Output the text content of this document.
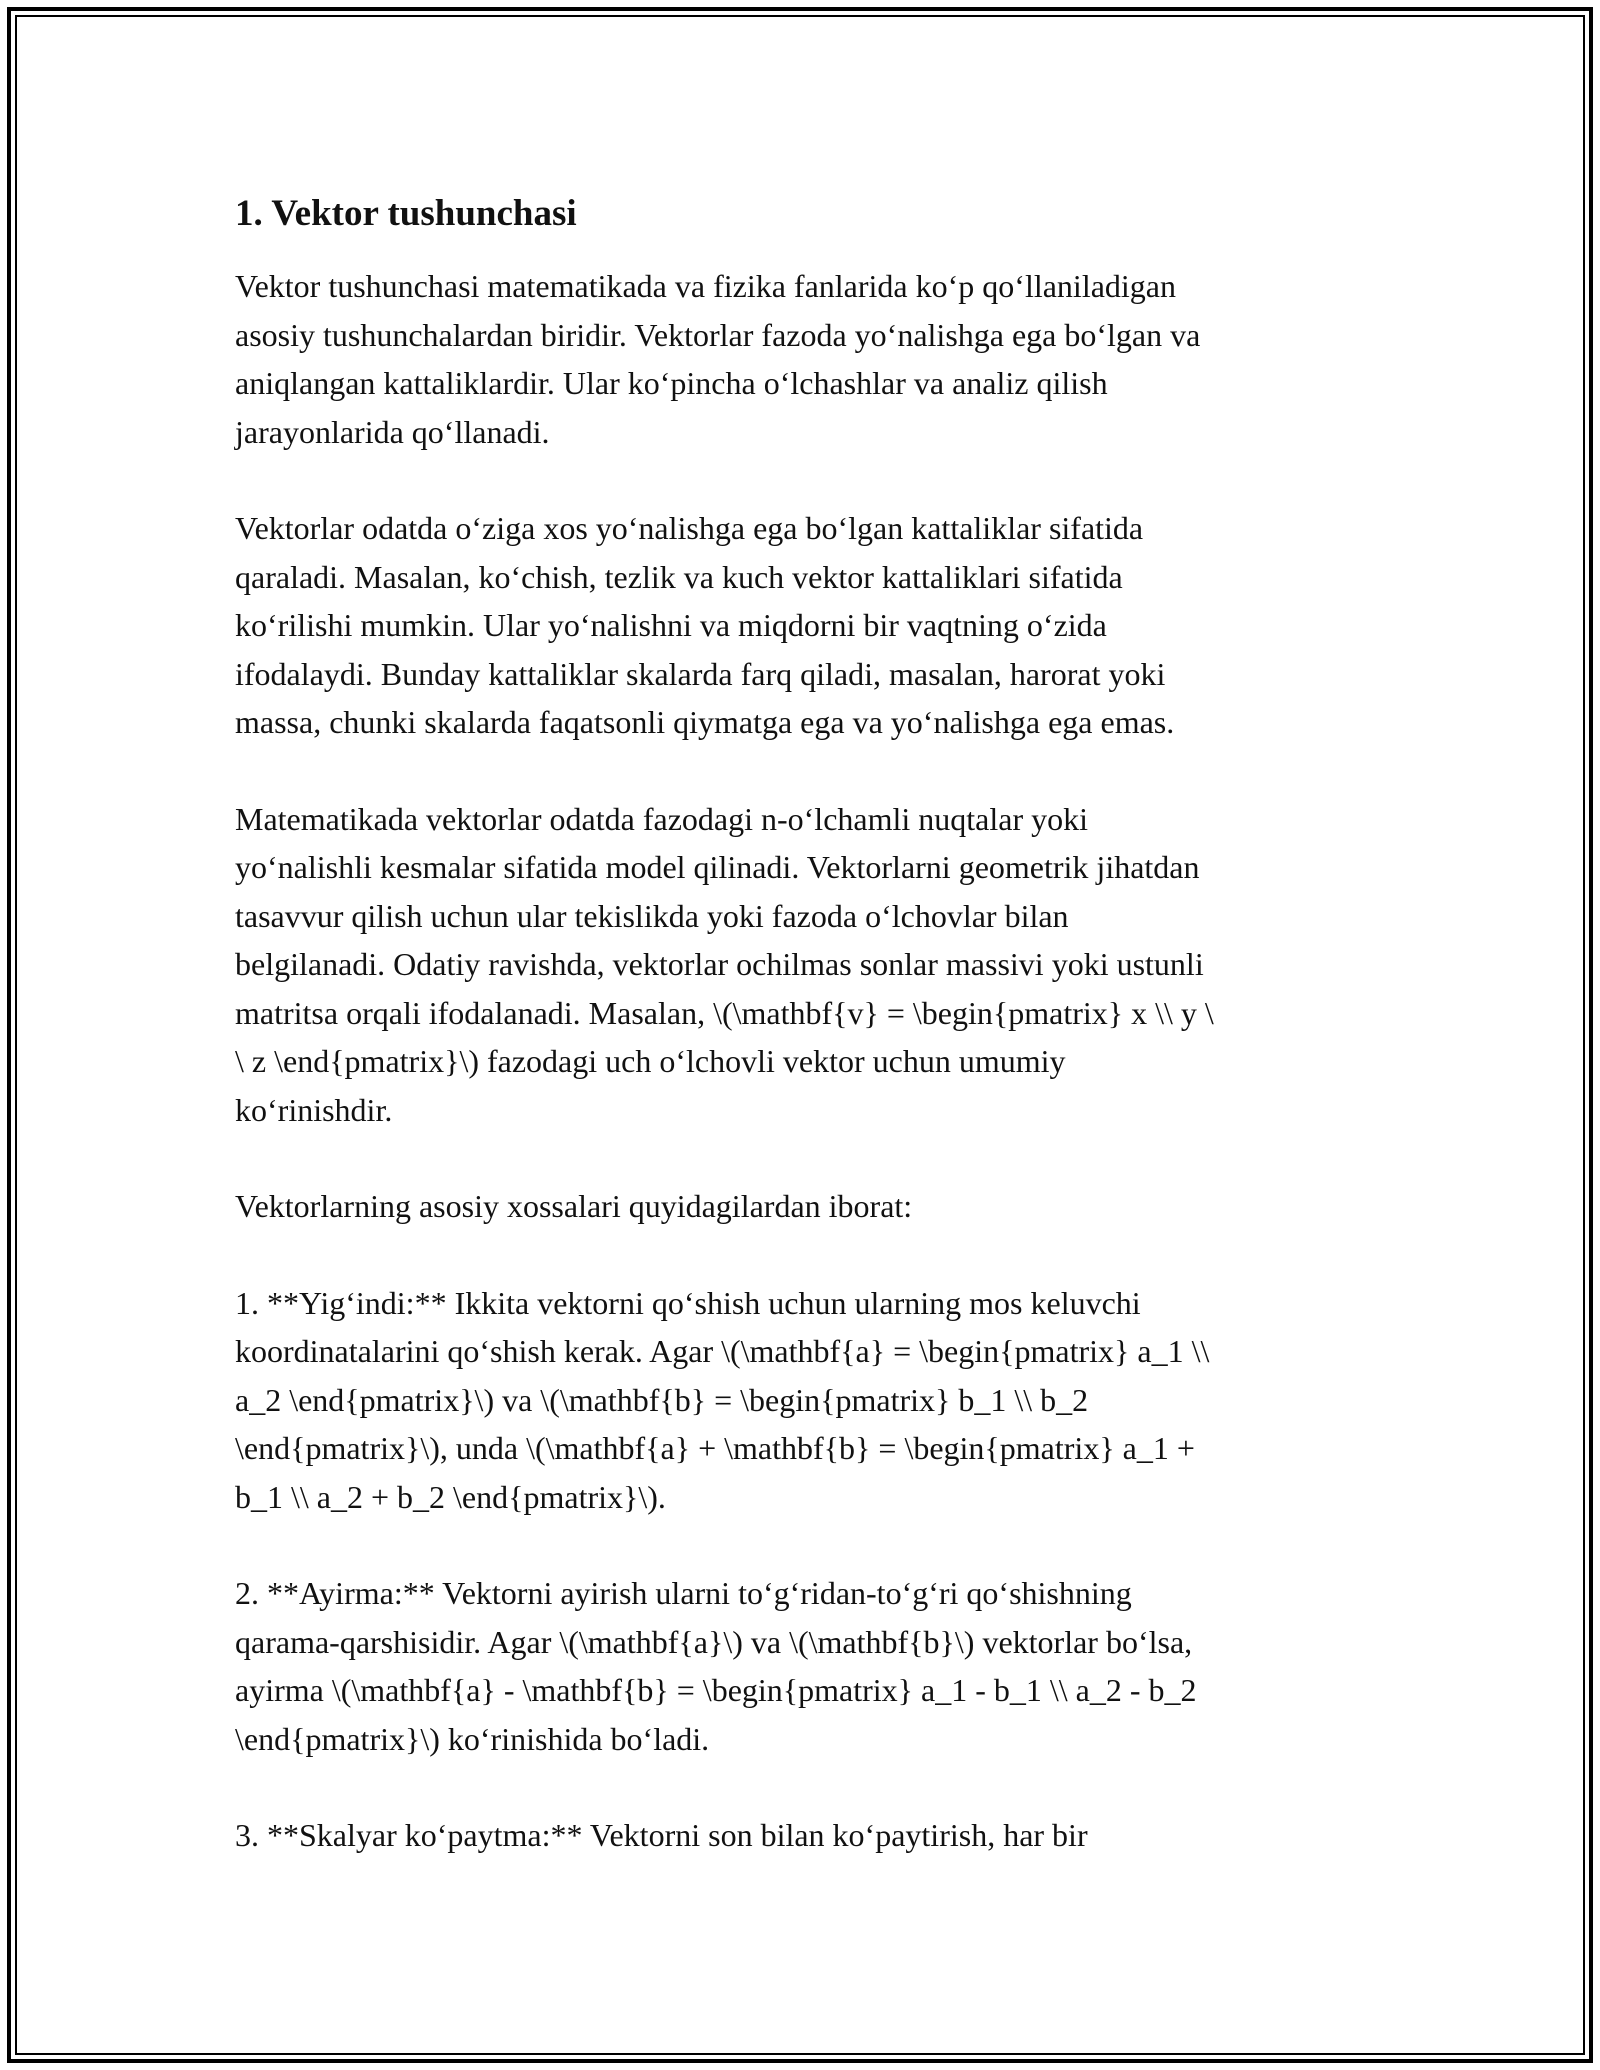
1. Vektor tushunchasi
Vektor tushunchasi matematikada va fizika fanlarida ko‘p qo‘llaniladigan
asosiy tushunchalardan biridir. Vektorlar fazoda yo‘nalishga ega bo‘lgan va
aniqlangan kattaliklardir. Ular ko‘pincha o‘lchashlar va analiz qilish
jarayonlarida qo‘llanadi.
Vektorlar odatda o‘ziga xos yo‘nalishga ega bo‘lgan kattaliklar sifatida
qaraladi. Masalan, ko‘chish, tezlik va kuch vektor kattaliklari sifatida
ko‘rilishi mumkin. Ular yo‘nalishni va miqdorni bir vaqtning o‘zida
ifodalaydi. Bunday kattaliklar skalarda farq qiladi, masalan, harorat yoki
massa, chunki skalarda faqatsonli qiymatga ega va yo‘nalishga ega emas.
Matematikada vektorlar odatda fazodagi n-o‘lchamli nuqtalar yoki
yo‘nalishli kesmalar sifatida model qilinadi. Vektorlarni geometrik jihatdan
tasavvur qilish uchun ular tekislikda yoki fazoda o‘lchovlar bilan
belgilanadi. Odatiy ravishda, vektorlar ochilmas sonlar massivi yoki ustunli
matritsa orqali ifodalanadi. Masalan, \(\mathbf{v} = \begin{pmatrix} x \\ y \
\ z \end{pmatrix}\) fazodagi uch o‘lchovli vektor uchun umumiy
ko‘rinishdir.
Vektorlarning asosiy xossalari quyidagilardan iborat:
1. **Yig‘indi:** Ikkita vektorni qo‘shish uchun ularning mos keluvchi
koordinatalarini qo‘shish kerak. Agar \(\mathbf{a} = \begin{pmatrix} a_1 \\
a_2 \end{pmatrix}\) va \(\mathbf{b} = \begin{pmatrix} b_1 \\ b_2
\end{pmatrix}\), unda \(\mathbf{a} + \mathbf{b} = \begin{pmatrix} a_1 +
b_1 \\ a_2 + b_2 \end{pmatrix}\).
2. **Ayirma:** Vektorni ayirish ularni to‘g‘ridan-to‘g‘ri qo‘shishning
qarama-qarshisidir. Agar \(\mathbf{a}\) va \(\mathbf{b}\) vektorlar bo‘lsa,
ayirma \(\mathbf{a} - \mathbf{b} = \begin{pmatrix} a_1 - b_1 \\ a_2 - b_2
\end{pmatrix}\) ko‘rinishida bo‘ladi.
3. **Skalyar ko‘paytma:** Vektorni son bilan ko‘paytirish, har bir
